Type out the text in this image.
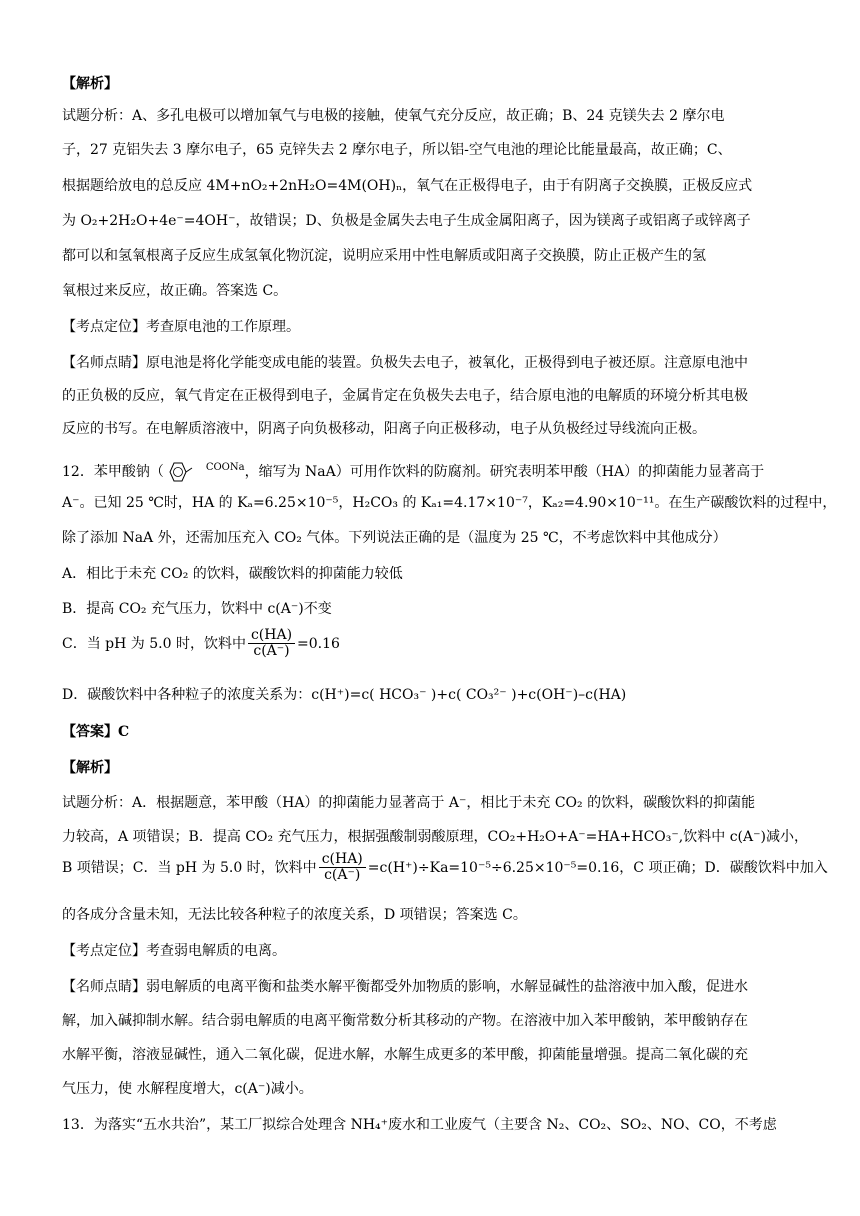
【解析】
试题分析：A、多孔电极可以增加氧气与电极的接触，使氧气充分反应，故正确；B、24 克镁失去 2 摩尔电
子，27 克铝失去 3 摩尔电子，65 克锌失去 2 摩尔电子，所以铝-空气电池的理论比能量最高，故正确；C、
根据题给放电的总反应 4M+nO₂+2nH₂O=4M(OH)ₙ，氧气在正极得电子，由于有阴离子交换膜，正极反应式
为 O₂+2H₂O+4e⁻=4OH⁻，故错误；D、负极是金属失去电子生成金属阳离子，因为镁离子或铝离子或锌离子
都可以和氢氧根离子反应生成氢氧化物沉淀，说明应采用中性电解质或阳离子交换膜，防止正极产生的氢
氧根过来反应，故正确。答案选 C。
【考点定位】考查原电池的工作原理。
【名师点睛】原电池是将化学能变成电能的装置。负极失去电子，被氧化，正极得到电子被还原。注意原电池中
的正负极的反应，氧气肯定在正极得到电子，金属肯定在负极失去电子，结合原电池的电解质的环境分析其电极
反应的书写。在电解质溶液中，阴离子向负极移动，阳离子向正极移动，电子从负极经过导线流向正极。
12．苯甲酸钠（	$^{COONa}$，缩写为 NaA）可用作饮料的防腐剂。研究表明苯甲酸（HA）的抑菌能力显著高于
A⁻。已知 25 ℃时，HA 的 Kₐ=6.25×10⁻⁵，H₂CO₃ 的 Kₐ₁=4.17×10⁻⁷，Kₐ₂=4.90×10⁻¹¹。在生产碳酸饮料的过程中，
除了添加 NaA 外，还需加压充入 CO₂ 气体。下列说法正确的是（温度为 25 ℃，不考虑饮料中其他成分）
A．相比于未充 CO₂ 的饮料，碳酸饮料的抑菌能力较低
B．提高 CO₂ 充气压力，饮料中 c(A⁻)不变
C．当 pH 为 5.0 时，饮料中 $\frac{c(HA)}{c(A^-)} =0.16$
D．碳酸饮料中各种粒子的浓度关系为：c(H⁺)=c( HCO₃⁻ )+c( CO₃²⁻ )+c(OH⁻)–c(HA)
【答案】C
【解析】
试题分析：A．根据题意，苯甲酸（HA）的抑菌能力显著高于 A⁻，相比于未充 CO₂ 的饮料，碳酸饮料的抑菌能
力较高，A 项错误；B．提高 CO₂ 充气压力，根据强酸制弱酸原理，CO₂+H₂O+A⁻=HA+HCO₃⁻,饮料中 c(A⁻)减小，
B 项错误；C．当 pH 为 5.0 时，饮料中 $\frac{c(HA)}{c(A^-)} =c(H^+)\div Ka=10^{-5}\div 6.25\times 10^{-5}=0.16$，C 项正确；D．碳酸饮料中加入
的各成分含量未知，无法比较各种粒子的浓度关系，D 项错误；答案选 C。
【考点定位】考查弱电解质的电离。
【名师点睛】弱电解质的电离平衡和盐类水解平衡都受外加物质的影响，水解显碱性的盐溶液中加入酸，促进水
解，加入碱抑制水解。结合弱电解质的电离平衡常数分析其移动的产物。在溶液中加入苯甲酸钠，苯甲酸钠存在
水解平衡，溶液显碱性，通入二氧化碳，促进水解，水解生成更多的苯甲酸，抑菌能量增强。提高二氧化碳的充
气压力，使 水解程度增大，c(A⁻)减小。
13．为落实“五水共治”，某工厂拟综合处理含 NH₄⁺废水和工业废气（主要含 N₂、CO₂、SO₂、NO、CO，不考虑
